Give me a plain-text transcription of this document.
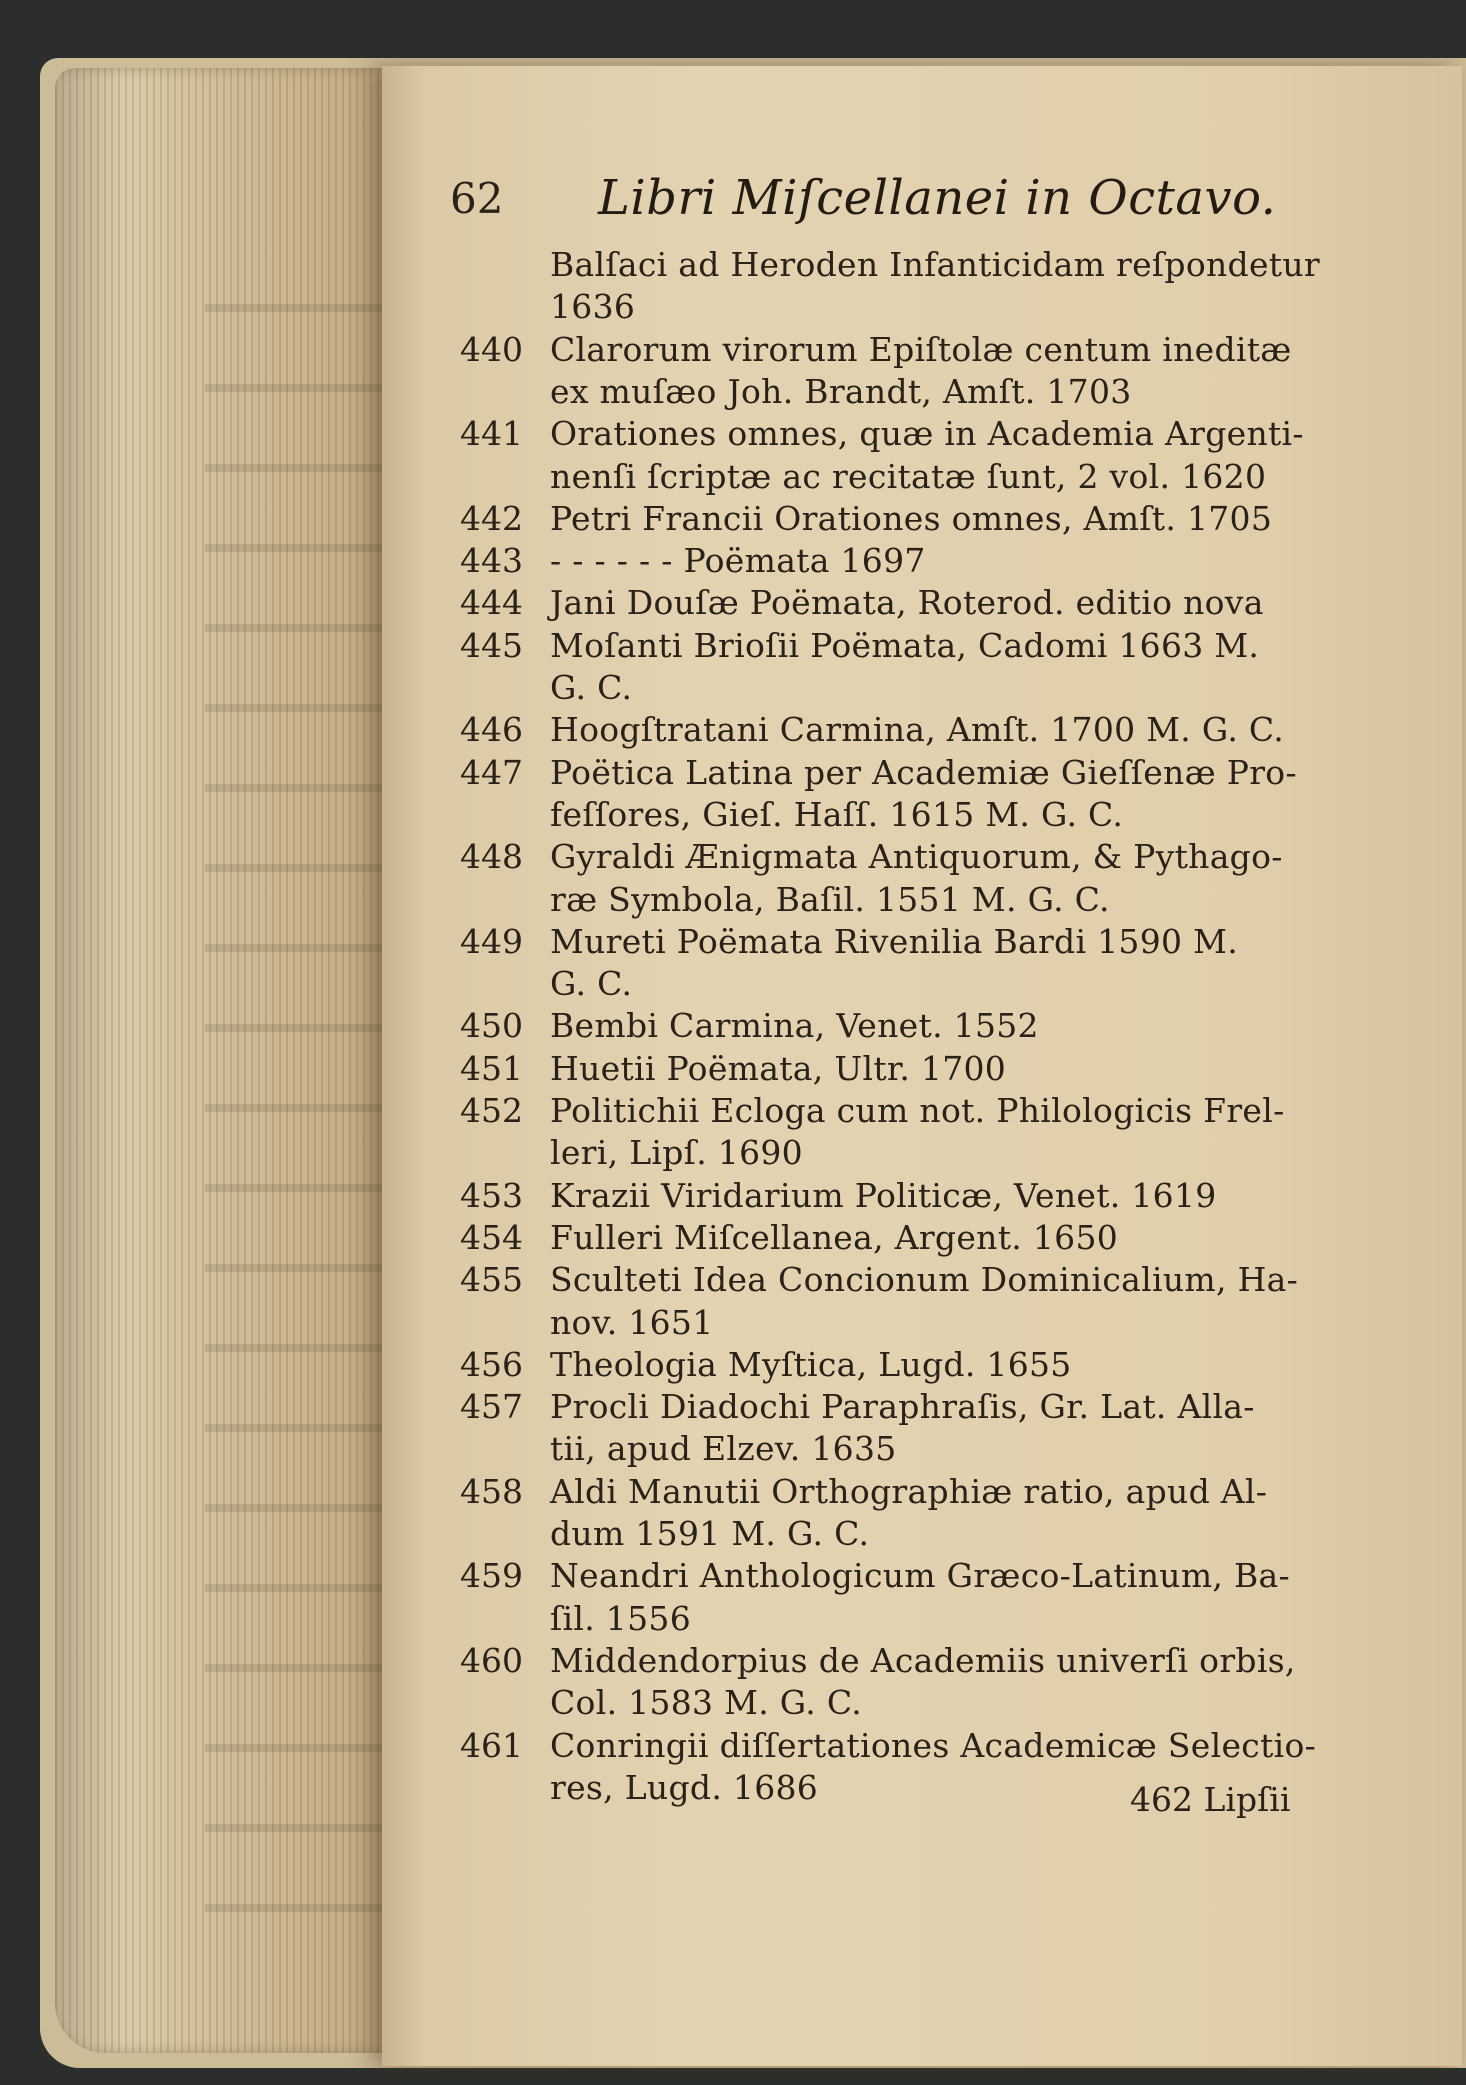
62 Libri Miſcellanei in Octavo.
Balſaci ad Heroden Infanticidam reſpondetur
1636
440 Clarorum virorum Epiſtolæ centum ineditæ
ex muſæo Joh. Brandt, Amſt. 1703
441 Orationes omnes, quæ in Academia Argenti-
nenſi ſcriptæ ac recitatæ ſunt, 2 vol. 1620
442 Petri Francii Orationes omnes, Amſt. 1705
443 - - - - - - Poëmata 1697
444 Jani Douſæ Poëmata, Roterod. editio nova
445 Moſanti Brioſii Poëmata, Cadomi 1663 M.
G. C.
446 Hoogſtratani Carmina, Amſt. 1700 M. G. C.
447 Poëtica Latina per Academiæ Gieſſenæ Pro-
feſſores, Gieſ. Haſſ. 1615 M. G. C.
448 Gyraldi Ænigmata Antiquorum, & Pythago-
ræ Symbola, Baſil. 1551 M. G. C.
449 Mureti Poëmata Rivenilia Bardi 1590 M.
G. C.
450 Bembi Carmina, Venet. 1552
451 Huetii Poëmata, Ultr. 1700
452 Politichii Ecloga cum not. Philologicis Frel-
leri, Lipſ. 1690
453 Krazii Viridarium Politicæ, Venet. 1619
454 Fulleri Miſcellanea, Argent. 1650
455 Sculteti Idea Concionum Dominicalium, Ha-
nov. 1651
456 Theologia Myſtica, Lugd. 1655
457 Procli Diadochi Paraphraſis, Gr. Lat. Alla-
tii, apud Elzev. 1635
458 Aldi Manutii Orthographiæ ratio, apud Al-
dum 1591 M. G. C.
459 Neandri Anthologicum Græco-Latinum, Ba-
ſil. 1556
460 Middendorpius de Academiis univerſi orbis,
Col. 1583 M. G. C.
461 Conringii diſſertationes Academicæ Selectio-
res, Lugd. 1686	462 Lipſii
